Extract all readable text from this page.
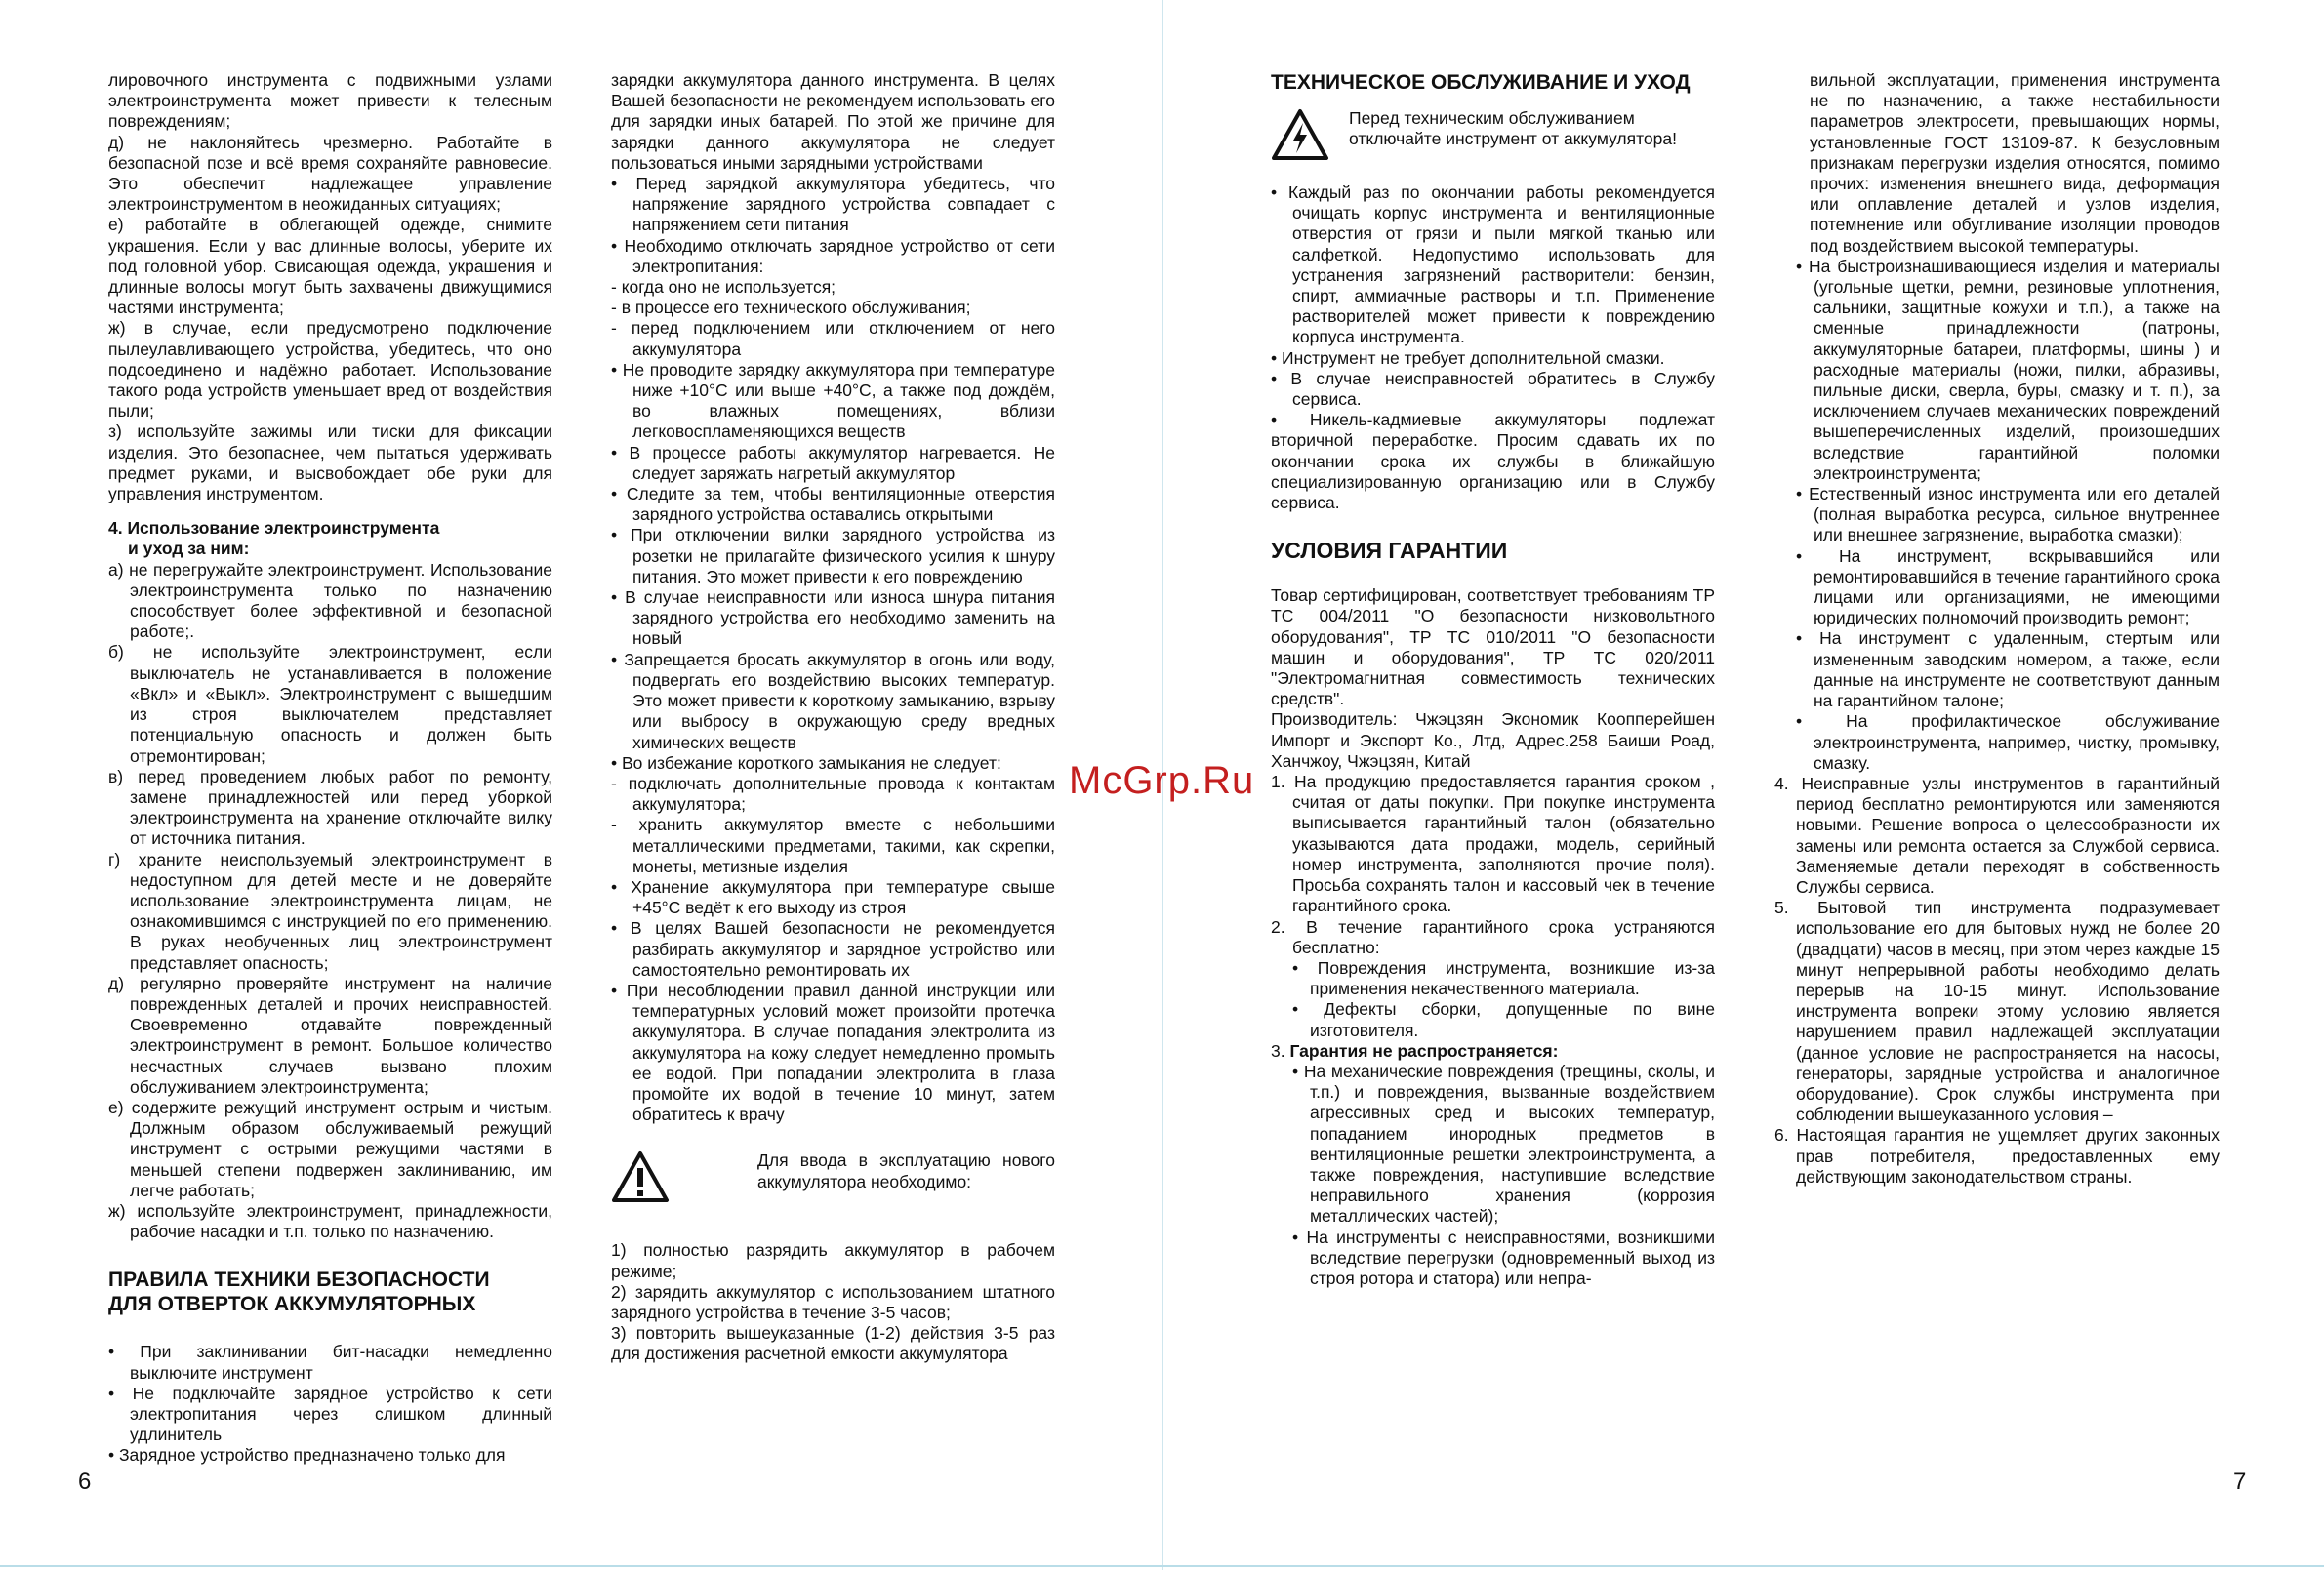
лировочного инструмента с подвижными узлами электроинструмента может привести к телесным повреждениям;

д) не наклоняйтесь чрезмерно. Работайте в безопасной позе и всё время сохраняйте равновесие. Это обеспечит надлежащее управление электроинструментом в неожиданных ситуациях;

е) работайте в облегающей одежде, снимите украшения. Если у вас длинные волосы, уберите их под головной убор. Свисающая одежда, украшения и длинные волосы могут быть захвачены движущимися частями инструмента;

ж) в случае, если предусмотрено подключение пылеулавливающего устройства, убедитесь, что оно подсоединено и надёжно работает. Использование такого рода устройств уменьшает вред от воздействия пыли;

з) используйте зажимы или тиски для фиксации изделия. Это безопаснее, чем пытаться удерживать предмет руками, и высвобождает обе руки для управления инструментом.

4. Использование электроинструмента

и уход за ним:

а) не перегружайте электроинструмент. Использование электроинструмента только по назначению способствует более эффективной и безопасной работе;.

б) не используйте электроинструмент, если выключатель не устанавливается в положение «Вкл» и «Выкл». Электроинструмент с вышедшим из строя выключателем представляет потенциальную опасность и должен быть отремонтирован;

в) перед проведением любых работ по ремонту, замене принадлежностей или перед уборкой электроинструмента на хранение отключайте вилку от источника питания.

г) храните неиспользуемый электроинструмент в недоступном для детей месте и не доверяйте использование электроинструмента лицам, не ознакомившимся с инструкцией по его применению. В руках необученных лиц электроинструмент представляет опасность;

д) регулярно проверяйте инструмент на наличие поврежденных деталей и прочих неисправностей. Своевременно отдавайте поврежденный электроинструмент в ремонт. Большое количество несчастных случаев вызвано плохим обслуживанием электроинструмента;

е) содержите режущий инструмент острым и чистым. Должным образом обслуживаемый режущий инструмент с острыми режущими частями в меньшей степени подвержен заклиниванию, им легче работать;

ж) используйте электроинструмент, принадлежности, рабочие насадки и т.п. только по назначению.

ПРАВИЛА ТЕХНИКИ БЕЗОПАСНОСТИ
ДЛЯ ОТВЕРТОК АККУМУЛЯТОРНЫХ

• При заклинивании бит-насадки немедленно выключите инструмент

• Не подключайте зарядное устройство к сети электропитания через слишком длинный удлинитель

• Зарядное устройство предназначено только для

зарядки аккумулятора данного инструмента. В целях Вашей безопасности не рекомендуем использовать его для зарядки иных батарей. По этой же причине для зарядки данного аккумулятора не следует пользоваться иными зарядными устройствами

• Перед зарядкой аккумулятора убедитесь, что напряжение зарядного устройства совпадает с напряжением сети питания

• Необходимо отключать зарядное устройство от сети электропитания:

- когда оно не используется;

- в процессе его технического обслуживания;

- перед подключением или отключением от него аккумулятора

• Не проводите зарядку аккумулятора при температуре ниже +10°С или выше +40°С, а также под дождём, во влажных помещениях, вблизи легковоспламеняющихся веществ

• В процессе работы аккумулятор нагревается. Не следует заряжать нагретый аккумулятор

• Следите за тем, чтобы вентиляционные отверстия зарядного устройства оставались открытыми

• При отключении вилки зарядного устройства из розетки не прилагайте физического усилия к шнуру питания. Это может привести к его повреждению

• В случае неисправности или износа шнура питания зарядного устройства его необходимо заменить на новый

• Запрещается бросать аккумулятор в огонь или воду, подвергать его воздействию высоких температур. Это может привести к короткому замыканию, взрыву или выбросу в окружающую среду вредных химических веществ

• Во избежание короткого замыкания не следует:

- подключать дополнительные провода к контактам аккумулятора;

- хранить аккумулятор вместе с небольшими металлическими предметами, такими, как скрепки, монеты, метизные изделия

• Хранение аккумулятора при температуре свыше +45°С ведёт к его выходу из строя

• В целях Вашей безопасности не рекомендуется разбирать аккумулятор и зарядное устройство или самостоятельно ремонтировать их

• При несоблюдении правил данной инструкции или температурных условий может произойти протечка аккумулятора. В случае попадания электролита из аккумулятора на кожу следует немедленно промыть ее водой. При попадании электролита в глаза промойте их водой в течение 10 минут, затем обратитесь к врачу

Для ввода в эксплуатацию нового аккумулятора необходимо:

1) полностью разрядить аккумулятор в рабочем режиме;

2) зарядить аккумулятор с использованием штатного зарядного устройства в течение 3-5 часов;

3) повторить вышеуказанные (1-2) действия 3-5 раз для достижения расчетной емкости аккумулятора

ТЕХНИЧЕСКОЕ ОБСЛУЖИВАНИЕ И УХОД
Перед техническим обслуживанием отключайте инструмент от аккумулятора!

• Каждый раз по окончании работы рекомендуется очищать корпус инструмента и вентиляционные отверстия от грязи и пыли мягкой тканью или салфеткой. Недопустимо использовать для устранения загрязнений растворители: бензин, спирт, аммиачные растворы и т.п. Применение растворителей может привести к повреждению корпуса инструмента.

• Инструмент не требует дополнительной смазки.

• В случае неисправностей обратитесь в Службу сервиса.

• Никель-кадмиевые аккумуляторы подлежат вторичной переработке. Просим сдавать их по окончании срока их службы в ближайшую специализированную организацию или в Службу сервиса.

УСЛОВИЯ ГАРАНТИИ

Товар сертифицирован, соответствует требованиям ТР ТС 004/2011 "О безопасности низковольтного оборудования", ТР ТС 010/2011 "О безопасности машин и оборудования", ТР ТС 020/2011 "Электромагнитная совместимость технических средств".

Производитель: Чжэцзян Экономик Коопперейшен Импорт и Экспорт Ко., Лтд, Адрес.258 Баиши Роад, Ханчжоу, Чжэцзян, Китай

1. На продукцию предоставляется гарантия сроком , считая от даты покупки. При покупке инструмента выписывается гарантийный талон (обязательно указываются дата продажи, модель, серийный номер инструмента, заполняются прочие поля). Просьба сохранять талон и кассовый чек в течение гарантийного срока.

2. В течение гарантийного срока устраняются бесплатно:

• Повреждения инструмента, возникшие из-за применения некачественного материала.

• Дефекты сборки, допущенные по вине изготовителя.

3. Гарантия не распространяется:

• На механические повреждения (трещины, сколы, и т.п.) и повреждения, вызванные воздействием агрессивных сред и высоких температур, попаданием инородных предметов в вентиляционные решетки электроинструмента, а также повреждения, наступившие вследствие неправильного хранения (коррозия металлических частей);

• На инструменты с неисправностями, возникшими вследствие перегрузки (одновременный выход из строя ротора и статора) или непра-

вильной эксплуатации, применения инструмента не по назначению, а также нестабильности параметров электросети, превышающих нормы, установленные ГОСТ 13109-87. К безусловным признакам перегрузки изделия относятся, помимо прочих: изменения внешнего вида, деформация или оплавление деталей и узлов изделия, потемнение или обугливание изоляции проводов под воздействием высокой температуры.

• На быстроизнашивающиеся изделия и материалы (угольные щетки, ремни, резиновые уплотнения, сальники, защитные кожухи и т.п.), а также на сменные принадлежности (патроны, аккумуляторные батареи, платформы, шины ) и расходные материалы (ножи, пилки, абразивы, пильные диски, сверла, буры, смазку и т. п.), за исключением случаев механических повреждений вышеперечисленных изделий, произошедших вследствие гарантийной поломки электроинструмента;

• Естественный износ инструмента или его деталей (полная выработка ресурса, сильное внутреннее или внешнее загрязнение, выработка смазки);

• На инструмент, вскрывавшийся или ремонтировавшийся в течение гарантийного срока лицами или организациями, не имеющими юридических полномочий производить ремонт;

• На инструмент с удаленным, стертым или измененным заводским номером, а также, если данные на инструменте не соответствуют данным на гарантийном талоне;

• На профилактическое обслуживание электроинструмента, например, чистку, промывку, смазку.

4. Неисправные узлы инструментов в гарантийный период бесплатно ремонтируются или заменяются новыми. Решение вопроса о целесообразности их замены или ремонта остается за Службой сервиса. Заменяемые детали переходят в собственность Службы сервиса.

5. Бытовой тип инструмента подразумевает использование его для бытовых нужд не более 20 (двадцати) часов в месяц, при этом через каждые 15 минут непрерывной работы необходимо делать перерыв на 10-15 минут. Использование инструмента вопреки этому условию является нарушением правил надлежащей эксплуатации (данное условие не распространяется на насосы, генераторы, зарядные устройства и аналогичное оборудование). Срок службы инструмента при соблюдении вышеуказанного условия –

6. Настоящая гарантия не ущемляет других законных прав потребителя, предоставленных ему действующим законодательством страны.

McGrp.Ru
6	7
